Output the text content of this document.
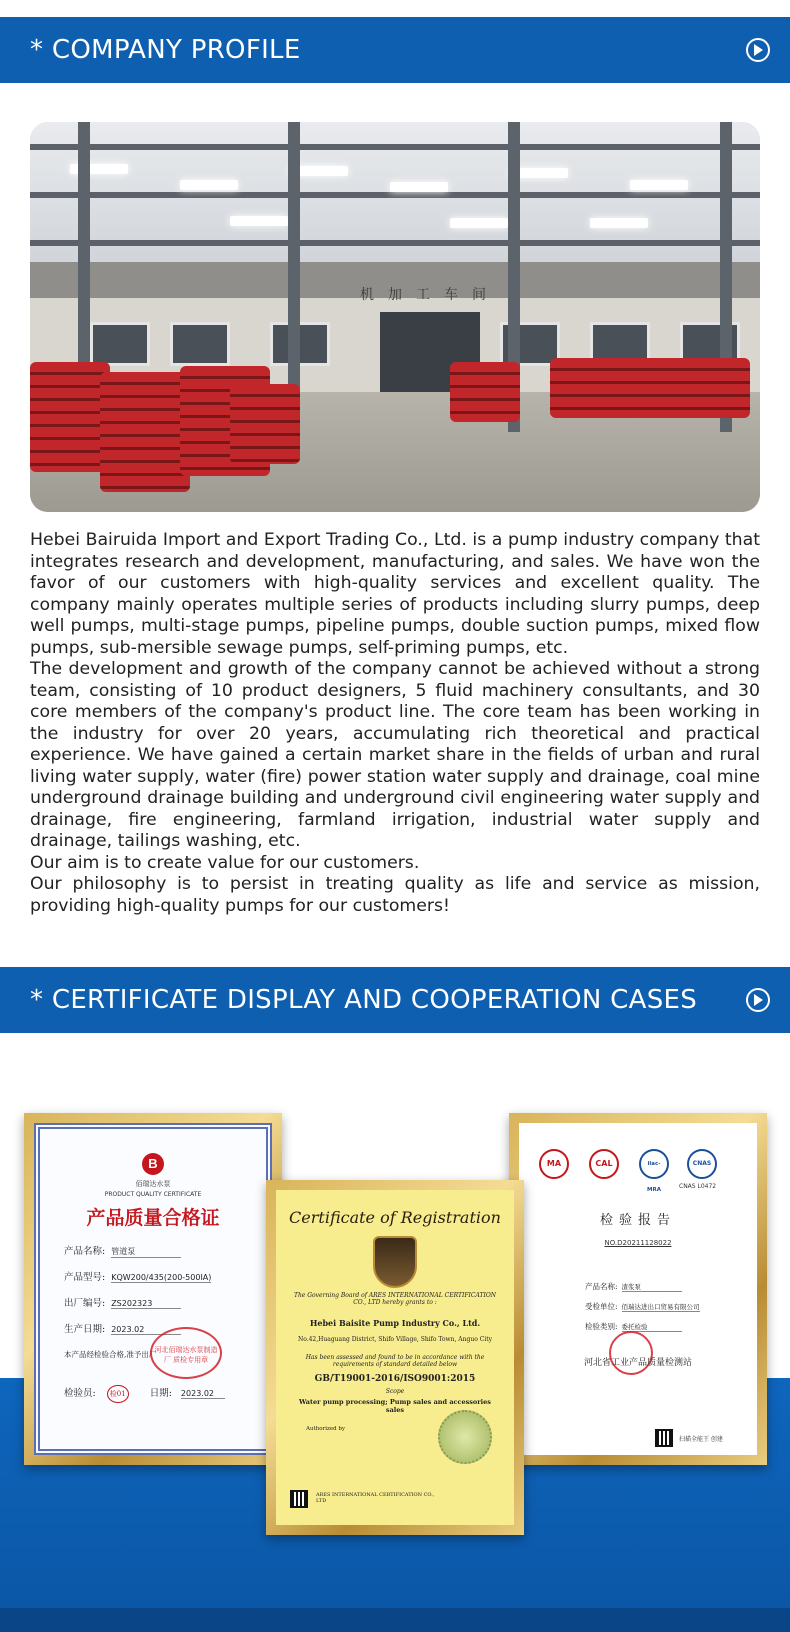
* COMPANY PROFILE
机加工车间

Hebei Bairuida Import and Export Trading Co., Ltd. is a pump industry company that integrates research and development, manufacturing, and sales. We have won the favor of our customers with high-quality services and excellent quality. The company mainly operates multiple series of products including slurry pumps, deep well pumps, multi-stage pumps, pipeline pumps, double suction pumps, mixed flow pumps, sub-mersible sewage pumps, self-priming pumps, etc.

The development and growth of the company cannot be achieved without a strong team, consisting of 10 product designers, 5 fluid machinery consultants, and 30 core members of the company's product line. The core team has been working in the industry for over 20 years, accumulating rich theoretical and practical experience. We have gained a certain market share in the fields of urban and rural living water supply, water (fire) power station water supply and drainage, coal mine underground drainage building and underground civil engineering water supply and drainage, fire engineering, farmland irrigation, industrial water supply and drainage, tailings washing, etc.

Our aim is to create value for our customers.

Our philosophy is to persist in treating quality as life and service as mission, providing high-quality pumps for our customers!

* CERTIFICATE DISPLAY AND COOPERATION CASES
B
佰瑞达水泵
PRODUCT QUALITY CERTIFICATE
产品质量合格证
产品名称: 管道泵
产品型号: KQW200/435(200-500IA)
出厂编号: ZS202323
生产日期: 2023.02
本产品经检验合格,准予出厂
河北佰瑞达水泵制造厂 质检专用章
检验员: 检01	日期: 2023.02
MA	CAL	ilac-MRA
CNAS
CNAS L0472
检验报告
NO.D20211128022
产品名称: 渣浆泵
受检单位: 佰瑞达进出口贸易有限公司
检验类别: 委托检验
河北省工业产品质量检测站
扫描全能王 创建
Certificate of Registration
The Governing Board of ARES INTERNATIONAL CERTIFICATION CO., LTD hereby grants to :
Hebei Baisite Pump Industry Co., Ltd.
No.42,Huaguang District, Shifo Village, Shifo Town, Anguo City
Has been assessed and found to be in accordance with the requirements of standard detailed below
GB/T19001-2016/ISO9001:2015
Scope
Water pump processing; Pump sales and accessories sales
Authorized by
ARES INTERNATIONAL CERTIFICATION CO., LTD
